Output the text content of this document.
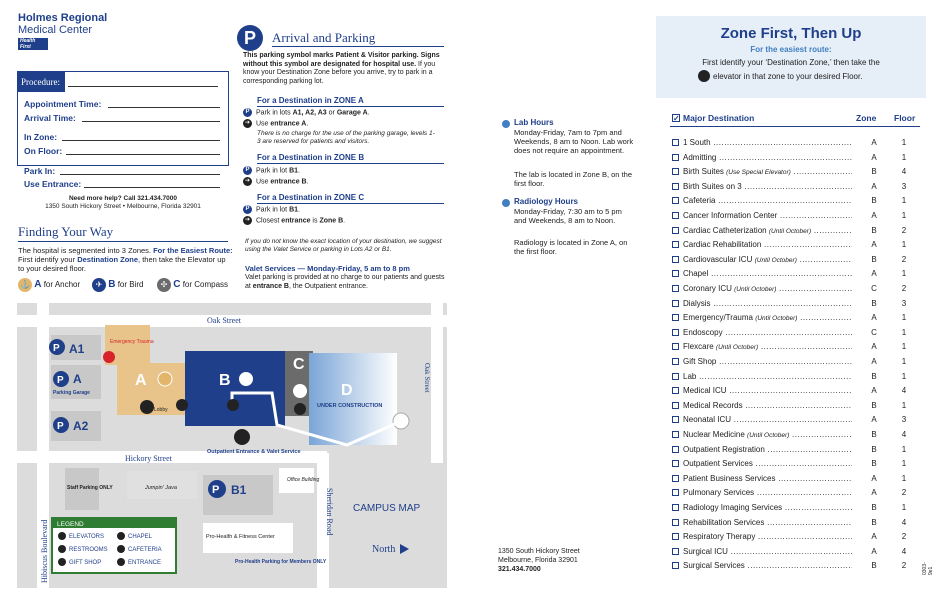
Holmes Regional
Medical Center
Health
First
Procedure:
Appointment Time:
Arrival Time:
In Zone:
On Floor:
Park In:
Use Entrance:
Need more help? Call 321.434.7000
1350 South Hickory Street • Melbourne, Florida 32901
Finding Your Way
The hospital is segmented into 3 Zones. For the Easiest Route: First identify your Destination Zone, then take the Elevator up to your desired floor.
⚓ A for Anchor	✈ B for Bird	✣ C for Compass
P	Arrival and Parking
This parking symbol marks Patient & Visitor parking. Signs without this symbol are designated for hospital use. If you know your Destination Zone before you arrive, try to park in a corresponding parking lot.
For a Destination in ZONE A
P Park in lots A1, A2, A3 or Garage A.
➔ Use entrance A.
There is no charge for the use of the parking garage, levels 1-3 are reserved for patients and visitors.
For a Destination in ZONE B
P Park in lot B1.
➔ Use entrance B.
For a Destination in ZONE C
P Park in lot B1.
➔ Closest entrance is Zone B.
If you do not know the exact location of your destination, we suggest using the Valet Service or parking in Lots A2 or B1.
Valet Services — Monday-Friday, 5 am to 8 pm
Valet parking is provided at no charge to our patients and guests at entrance B, the Outpatient entrance.
Lab Hours
Monday-Friday, 7am to 7pm and Weekends, 8 am to Noon. Lab work does not require an appointment.
The lab is located in Zone B, on the first floor.
Radiology Hours
Monday-Friday, 7:30 am to 5 pm and Weekends, 8 am to Noon.
Radiology is located in Zone A, on the first floor.
1350 South Hickory Street
Melbourne, Florida 32901
321.434.7000
Zone First, Then Up
For the easiest route:
First identify your ‘Destination Zone,’ then take the
elevator in that zone to your desired Floor.
✓ Major Destination	Zone Floor
1 South .....	A	1
Admitting .....	A	1
Birth Suites (Use Special Elevator) .....	B	4
Birth Suites on 3 .....	A	3
Cafeteria .....	B	1
Cancer Information Center .....	A	1
Cardiac Catheterization (Until October) .....	B	2
Cardiac Rehabilitation .....	A	1
Cardiovascular ICU (Until October) .....	B	2
Chapel .....	A	1
Coronary ICU (Until October) .....	C	2
Dialysis .....	B	3
Emergency/Trauma (Until October) .....	A	1
Endoscopy .....	C	1
Flexcare (Until October) .....	A	1
Gift Shop .....	A	1
Lab .....	B	1
Medical ICU .....	A	4
Medical Records .....	B	1
Neonatal ICU .....	A	3
Nuclear Medicine (Until October) .....	B	4
Outpatient Registration .....	B	1
Outpatient Services .....	B	1
Patient Business Services .....	A	1
Pulmonary Services .....	A	2
Radiology Imaging Services .....	B	1
Rehabilitation Services .....	B	4
Respiratory Therapy .....	A	2
Surgical ICU .....	A	4
Surgical Services .....	B	2	0303-9e1
Oak Street
Hickory Street
Hibiscus Boulevard
Sheridan Road
Oak Street
P A1
P A
Parking Garage
P A2
Emergency Trauma
A
Lobby
B
C
D
UNDER CONSTRUCTION
Outpatient Entrance & Valet Service
Staff Parking ONLY	Jumpin' Java
Office Building
P B1
Pro-Health & Fitness Center
Pro-Health Parking for Members ONLY
CAMPUS MAP
North
LEGEND
ELEVATORS	CHAPEL
RESTROOMS	CAFETERIA
GIFT SHOP	ENTRANCE
